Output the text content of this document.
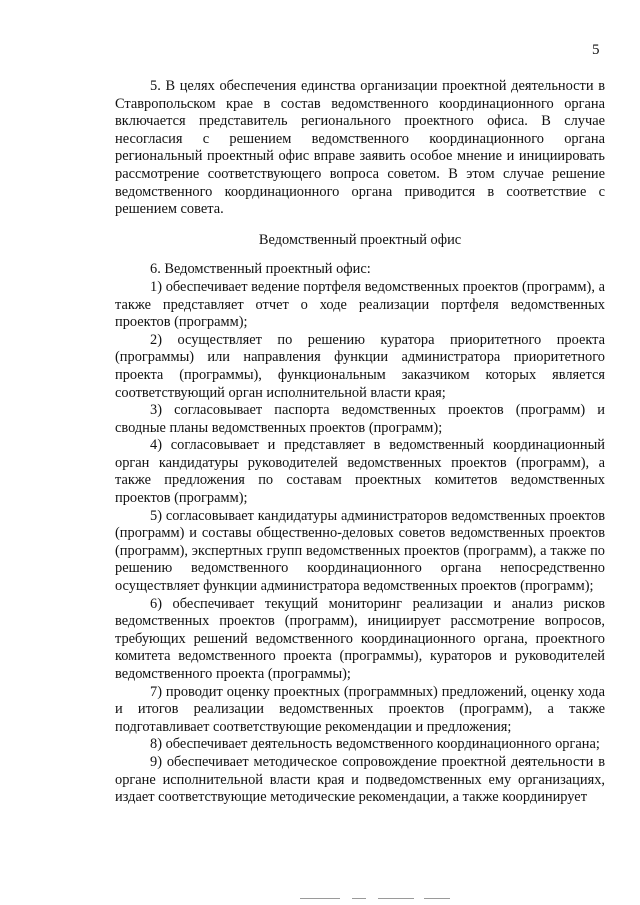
5

5. В целях обеспечения единства организации проектной деятельности в Ставропольском крае в состав ведомственного координационного органа включается представитель регионального проектного офиса. В случае несогласия с решением ведомственного координационного органа региональный проектный офис вправе заявить особое мнение и инициировать рассмотрение соответствующего вопроса советом. В этом случае решение ведомственного координационного органа приводится в соответствие с решением совета.

Ведомственный проектный офис

6. Ведомственный проектный офис:

1) обеспечивает ведение портфеля ведомственных проектов (программ), а также представляет отчет о ходе реализации портфеля ведомственных проектов (программ);

2) осуществляет по решению куратора приоритетного проекта (программы) или направления функции администратора приоритетного проекта (программы), функциональным заказчиком которых является соответствующий орган исполнительной власти края;

3) согласовывает паспорта ведомственных проектов (программ) и сводные планы ведомственных проектов (программ);

4) согласовывает и представляет в ведомственный координационный орган кандидатуры руководителей ведомственных проектов (программ), а также предложения по составам проектных комитетов ведомственных проектов (программ);

5) согласовывает кандидатуры администраторов ведомственных проектов (программ) и составы общественно-деловых советов ведомственных проектов (программ), экспертных групп ведомственных проектов (программ), а также по решению ведомственного координационного органа непосредственно осуществляет функции администратора ведомственных проектов (программ);

6) обеспечивает текущий мониторинг реализации и анализ рисков ведомственных проектов (программ), инициирует рассмотрение вопросов, требующих решений ведомственного координационного органа, проектного комитета ведомственного проекта (программы), кураторов и руководителей ведомственного проекта (программы);

7) проводит оценку проектных (программных) предложений, оценку хода и итогов реализации ведомственных проектов (программ), а также подготавливает соответствующие рекомендации и предложения;

8) обеспечивает деятельность ведомственного координационного органа;

9) обеспечивает методическое сопровождение проектной деятельности в органе исполнительной власти края и подведомственных ему организациях, издает соответствующие методические рекомендации, а также координирует
